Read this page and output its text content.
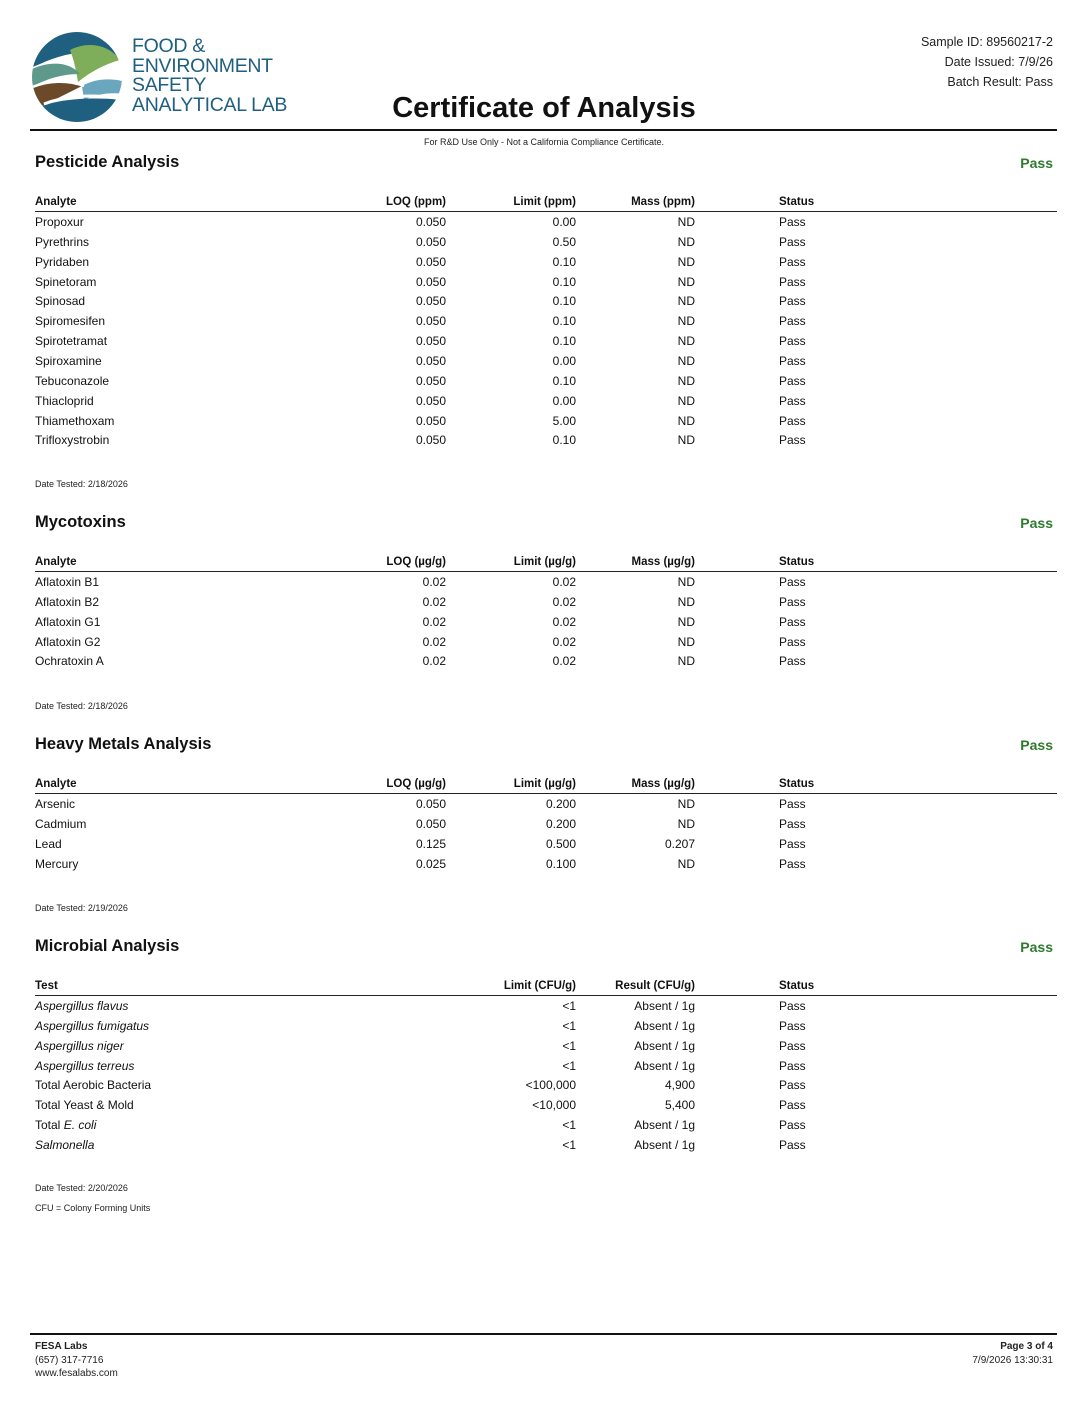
FOOD &
ENVIRONMENT
SAFETY
ANALYTICAL LAB	Certificate of Analysis
Sample ID: 89560217-2
Date Issued: 7/9/26
Batch Result: Pass
For R&D Use Only - Not a California Compliance Certificate.
Pesticide Analysis	Pass
Analyte	LOQ (ppm)	Limit (ppm)	Mass (ppm)	Status
Propoxur	0.050	0.00	ND	Pass
Pyrethrins	0.050	0.50	ND	Pass
Pyridaben	0.050	0.10	ND	Pass
Spinetoram	0.050	0.10	ND	Pass
Spinosad	0.050	0.10	ND	Pass
Spiromesifen	0.050	0.10	ND	Pass
Spirotetramat	0.050	0.10	ND	Pass
Spiroxamine	0.050	0.00	ND	Pass
Tebuconazole	0.050	0.10	ND	Pass
Thiacloprid	0.050	0.00	ND	Pass
Thiamethoxam	0.050	5.00	ND	Pass
Trifloxystrobin	0.050	0.10	ND	Pass
Date Tested: 2/18/2026
Mycotoxins	Pass
Analyte	LOQ (µg/g)	Limit (µg/g)	Mass (µg/g)	Status
Aflatoxin B1	0.02	0.02	ND	Pass
Aflatoxin B2	0.02	0.02	ND	Pass
Aflatoxin G1	0.02	0.02	ND	Pass
Aflatoxin G2	0.02	0.02	ND	Pass
Ochratoxin A	0.02	0.02	ND	Pass
Date Tested: 2/18/2026
Heavy Metals Analysis	Pass
Analyte	LOQ (µg/g)	Limit (µg/g)	Mass (µg/g)	Status
Arsenic	0.050	0.200	ND	Pass
Cadmium	0.050	0.200	ND	Pass
Lead	0.125	0.500	0.207	Pass
Mercury	0.025	0.100	ND	Pass
Date Tested: 2/19/2026
Microbial Analysis	Pass
Test	Limit (CFU/g)	Result (CFU/g)	Status
Aspergillus flavus	<1	Absent / 1g	Pass
Aspergillus fumigatus	<1	Absent / 1g	Pass
Aspergillus niger	<1	Absent / 1g	Pass
Aspergillus terreus	<1	Absent / 1g	Pass
Total Aerobic Bacteria	<100,000	4,900	Pass
Total Yeast & Mold	<10,000	5,400	Pass
Total E. coli	<1	Absent / 1g	Pass
Salmonella	<1	Absent / 1g	Pass
Date Tested: 2/20/2026
CFU = Colony Forming Units
FESA Labs
(657) 317-7716
www.fesalabs.com
Page 3 of 4
7/9/2026 13:30:31
